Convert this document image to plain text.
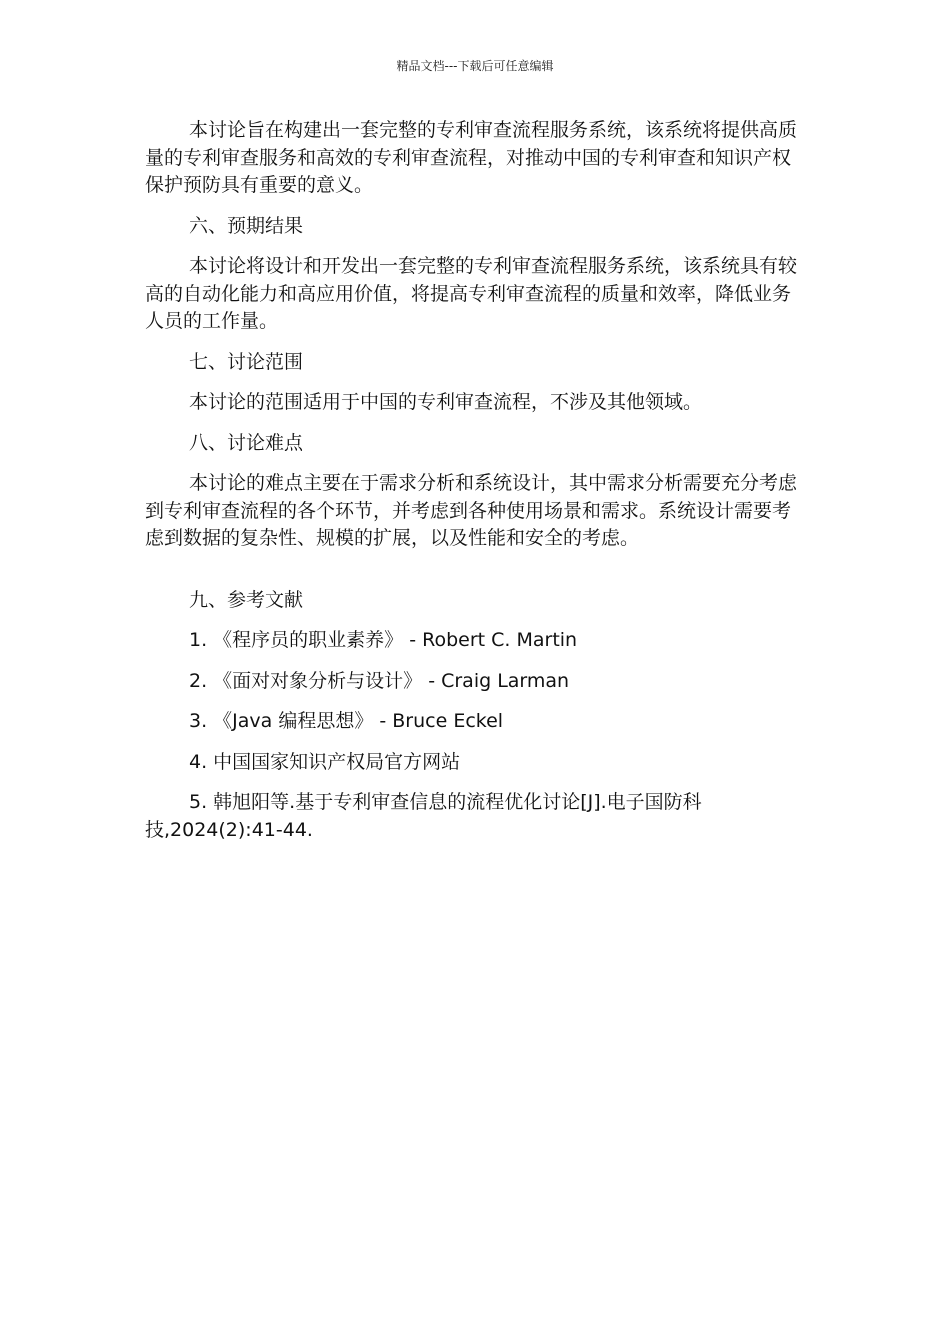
精品文档---下载后可任意编辑

本讨论旨在构建出一套完整的专利审查流程服务系统，该系统将提供高质量的专利审查服务和高效的专利审查流程，对推动中国的专利审查和知识产权保护预防具有重要的意义。

六、预期结果

本讨论将设计和开发出一套完整的专利审查流程服务系统，该系统具有较高的自动化能力和高应用价值，将提高专利审查流程的质量和效率，降低业务人员的工作量。

七、讨论范围

本讨论的范围适用于中国的专利审查流程，不涉及其他领域。

八、讨论难点

本讨论的难点主要在于需求分析和系统设计，其中需求分析需要充分考虑到专利审查流程的各个环节，并考虑到各种使用场景和需求。系统设计需要考虑到数据的复杂性、规模的扩展，以及性能和安全的考虑。

九、参考文献

1. 《程序员的职业素养》 - Robert C. Martin

2. 《面对对象分析与设计》 - Craig Larman

3. 《Java 编程思想》 - Bruce Eckel

4. 中国国家知识产权局官方网站

5. 韩旭阳等.基于专利审查信息的流程优化讨论[J].电子国防科技,2024(2):41-44.
